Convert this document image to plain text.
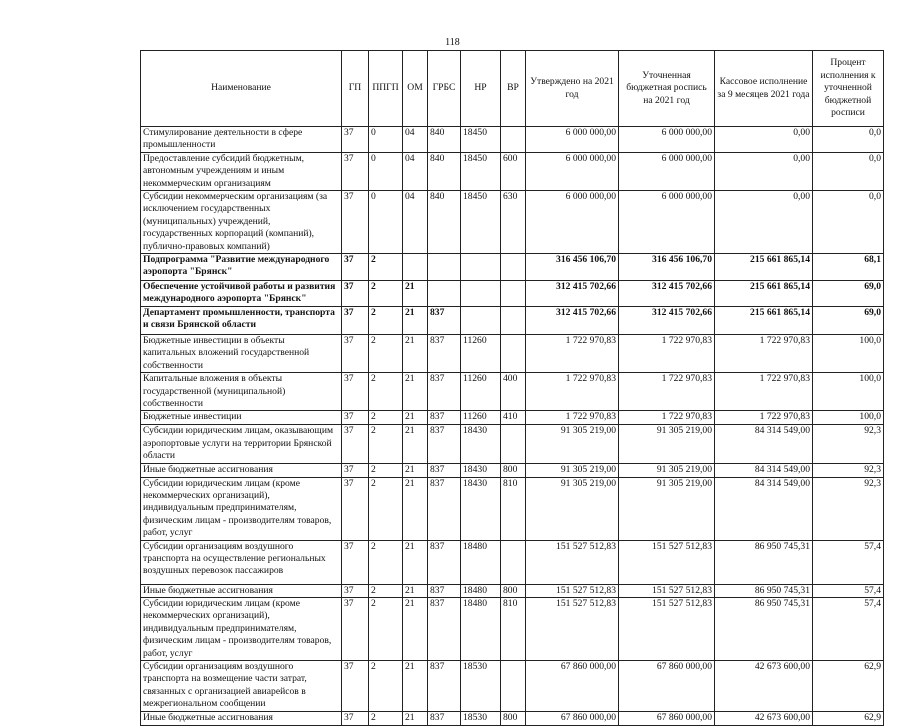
118
Наименование	ГП	ППГП	ОМ	ГРБС	НР	ВР	Утверждено на 2021 год	Уточненная бюджетная роспись на 2021 год	Кассовое исполнение за 9 месяцев 2021 года	Процент исполнения к уточненной бюджетной росписи
Стимулирование деятельности в сфере промышленности	37	0	04	840	18450		6 000 000,00	6 000 000,00	0,00	0,0
Предоставление субсидий бюджетным, автономным учреждениям и иным некоммерческим организациям	37	0	04	840	18450	600	6 000 000,00	6 000 000,00	0,00	0,0
Субсидии некоммерческим организациям (за исключением государственных (муниципальных) учреждений, государственных корпораций (компаний), публично-правовых компаний)	37	0	04	840	18450	630	6 000 000,00	6 000 000,00	0,00	0,0
Подпрограмма "Развитие международного аэропорта "Брянск"	37	2					316 456 106,70	316 456 106,70	215 661 865,14	68,1
Обеспечение устойчивой работы и развития международного аэропорта "Брянск"	37	2	21				312 415 702,66	312 415 702,66	215 661 865,14	69,0
Департамент промышленности, транспорта и связи Брянской области	37	2	21	837			312 415 702,66	312 415 702,66	215 661 865,14	69,0
Бюджетные инвестиции в объекты капитальных вложений государственной собственности	37	2	21	837	11260		1 722 970,83	1 722 970,83	1 722 970,83	100,0
Капитальные вложения в объекты государственной (муниципальной) собственности	37	2	21	837	11260	400	1 722 970,83	1 722 970,83	1 722 970,83	100,0
Бюджетные инвестиции	37	2	21	837	11260	410	1 722 970,83	1 722 970,83	1 722 970,83	100,0
Субсидии юридическим лицам, оказывающим аэропортовые услуги на территории Брянской области	37	2	21	837	18430		91 305 219,00	91 305 219,00	84 314 549,00	92,3
Иные бюджетные ассигнования	37	2	21	837	18430	800	91 305 219,00	91 305 219,00	84 314 549,00	92,3
Субсидии юридическим лицам (кроме некоммерческих организаций), индивидуальным предпринимателям, физическим лицам - производителям товаров, работ, услуг	37	2	21	837	18430	810	91 305 219,00	91 305 219,00	84 314 549,00	92,3
Субсидии организациям воздушного транспорта на осуществление региональных воздушных перевозок пассажиров	37	2	21	837	18480		151 527 512,83	151 527 512,83	86 950 745,31	57,4
Иные бюджетные ассигнования	37	2	21	837	18480	800	151 527 512,83	151 527 512,83	86 950 745,31	57,4
Субсидии юридическим лицам (кроме некоммерческих организаций), индивидуальным предпринимателям, физическим лицам - производителям товаров, работ, услуг	37	2	21	837	18480	810	151 527 512,83	151 527 512,83	86 950 745,31	57,4
Субсидии организациям воздушного транспорта на возмещение части затрат, связанных с организацией авиарейсов в межрегиональном сообщении	37	2	21	837	18530		67 860 000,00	67 860 000,00	42 673 600,00	62,9
Иные бюджетные ассигнования	37	2	21	837	18530	800	67 860 000,00	67 860 000,00	42 673 600,00	62,9
